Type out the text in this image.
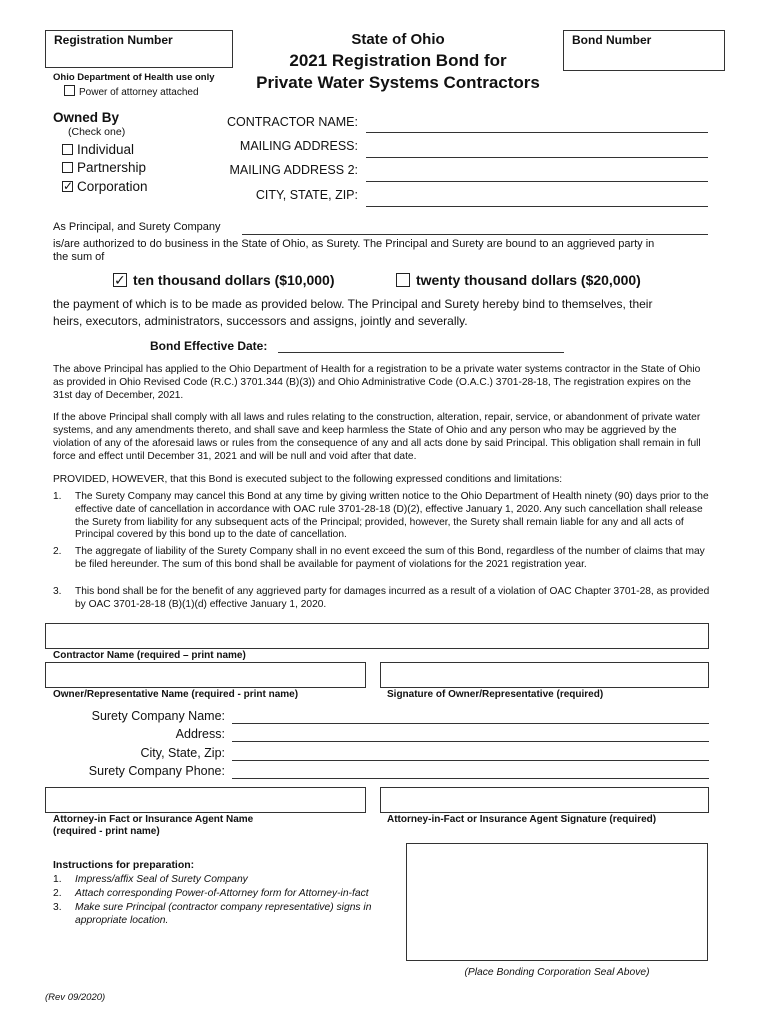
Registration Number
Ohio Department of Health use only
Power of attorney attached
State of Ohio
2021 Registration Bond for
Private Water Systems Contractors
Bond Number
Owned By
(Check one)
Individual
Partnership
✓Corporation
CONTRACTOR NAME:
MAILING ADDRESS:
MAILING ADDRESS 2:
CITY, STATE, ZIP:
As Principal, and Surety Company
is/are authorized to do business in the State of Ohio, as Surety. The Principal and Surety are bound to an aggrieved party in
the sum of
✓ten thousand dollars ($10,000)	twenty thousand dollars ($20,000)
the payment of which is to be made as provided below. The Principal and Surety hereby bind to themselves, their
heirs, executors, administrators, successors and assigns, jointly and severally.
Bond Effective Date:
The above Principal has applied to the Ohio Department of Health for a registration to be a private water systems contractor in the State of Ohio as provided in Ohio Revised Code (R.C.) 3701.344 (B)(3)) and Ohio Administrative Code (O.A.C.) 3701-28-18, The registration expires on the 31st day of December, 2021.
If the above Principal shall comply with all laws and rules relating to the construction, alteration, repair, service, or abandonment of private water systems, and any amendments thereto, and shall save and keep harmless the State of Ohio and any person who may be aggrieved by the violation of any of the aforesaid laws or rules from the consequence of any and all acts done by said Principal. This obligation shall remain in full force and effect until December 31, 2021 and will be null and void after that date.
PROVIDED, HOWEVER, that this Bond is executed subject to the following expressed conditions and limitations:
1.	The Surety Company may cancel this Bond at any time by giving written notice to the Ohio Department of Health ninety (90) days prior to the effective date of cancellation in accordance with OAC rule 3701-28-18 (D)(2), effective January 1, 2020. Any such cancellation shall release the Surety from liability for any subsequent acts of the Principal; provided, however, the Surety shall remain liable for any and all acts of Principal covered by this bond up to the date of cancellation.
2.	The aggregate of liability of the Surety Company shall in no event exceed the sum of this Bond, regardless of the number of claims that may be filed hereunder. The sum of this bond shall be available for payment of violations for the 2021 registration year.
3.	This bond shall be for the benefit of any aggrieved party for damages incurred as a result of a violation of OAC Chapter 3701-28, as provided by OAC 3701-28-18 (B)(1)(d) effective January 1, 2020.
Contractor Name (required – print name)
Owner/Representative Name (required - print name)	Signature of Owner/Representative (required)
Surety Company Name:
Address:
City, State, Zip:
Surety Company Phone:
Attorney-in Fact or Insurance Agent Name
(required - print name)
Attorney-in-Fact or Insurance Agent Signature (required)
Instructions for preparation:
1. Impress/affix Seal of Surety Company
2. Attach corresponding Power-of-Attorney form for Attorney-in-fact
3. Make sure Principal (contractor company representative) signs in appropriate location.
(Place Bonding Corporation Seal Above)
(Rev 09/2020)
